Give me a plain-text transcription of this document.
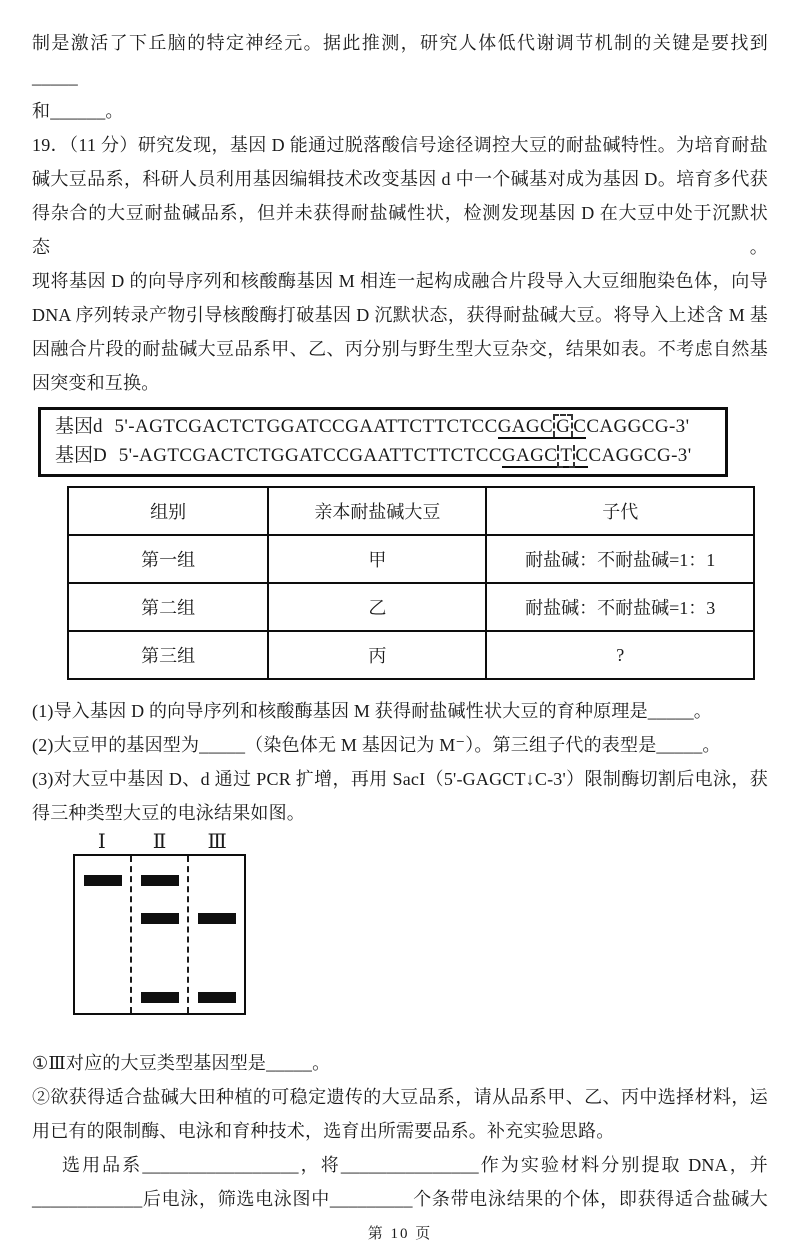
制是激活了下丘脑的特定神经元。据此推测，研究人体低代谢调节机制的关键是要找到_____
和______。
19．（11 分）研究发现，基因 D 能通过脱落酸信号途径调控大豆的耐盐碱特性。为培育耐盐
碱大豆品系，科研人员利用基因编辑技术改变基因 d 中一个碱基对成为基因 D。培育多代获
得杂合的大豆耐盐碱品系，但并未获得耐盐碱性状，检测发现基因 D 在大豆中处于沉默状态。
现将基因 D 的向导序列和核酸酶基因 M 相连一起构成融合片段导入大豆细胞染色体，向导
DNA 序列转录产物引导核酸酶打破基因 D 沉默状态，获得耐盐碱大豆。将导入上述含 M 基
因融合片段的耐盐碱大豆品系甲、乙、丙分别与野生型大豆杂交，结果如表。不考虑自然基
因突变和互换。
基因d 5'-AGTCGACTCTGGATCCGAATTCTTCTCCGAGC G CCAGGCG-3'
基因D 5'-AGTCGACTCTGGATCCGAATTCTTCTCCGAGC T CCAGGCG-3'
组别	亲本耐盐碱大豆	子代
第一组	甲	耐盐碱：不耐盐碱=1：1
第二组	乙	耐盐碱：不耐盐碱=1：3
第三组	丙	?
(1)导入基因 D 的向导序列和核酸酶基因 M 获得耐盐碱性状大豆的育种原理是_____。
(2)大豆甲的基因型为_____（染色体无 M 基因记为 M⁻）。第三组子代的表型是_____。
(3)对大豆中基因 D、d 通过 PCR 扩增，再用 SacI（5'-GAGCT↓C-3'）限制酶切割后电泳，获
得三种类型大豆的电泳结果如图。
Ⅰ	Ⅱ	Ⅲ
①Ⅲ对应的大豆类型基因型是_____。
②欲获得适合盐碱大田种植的可稳定遗传的大豆品系，请从品系甲、乙、丙中选择材料，运
用已有的限制酶、电泳和育种技术，选育出所需要品系。补充实验思路。
选用品系_________________，将_______________作为实验材料分别提取 DNA，并
____________后电泳，筛选电泳图中_________个条带电泳结果的个体，即获得适合盐碱大
第 10 页
